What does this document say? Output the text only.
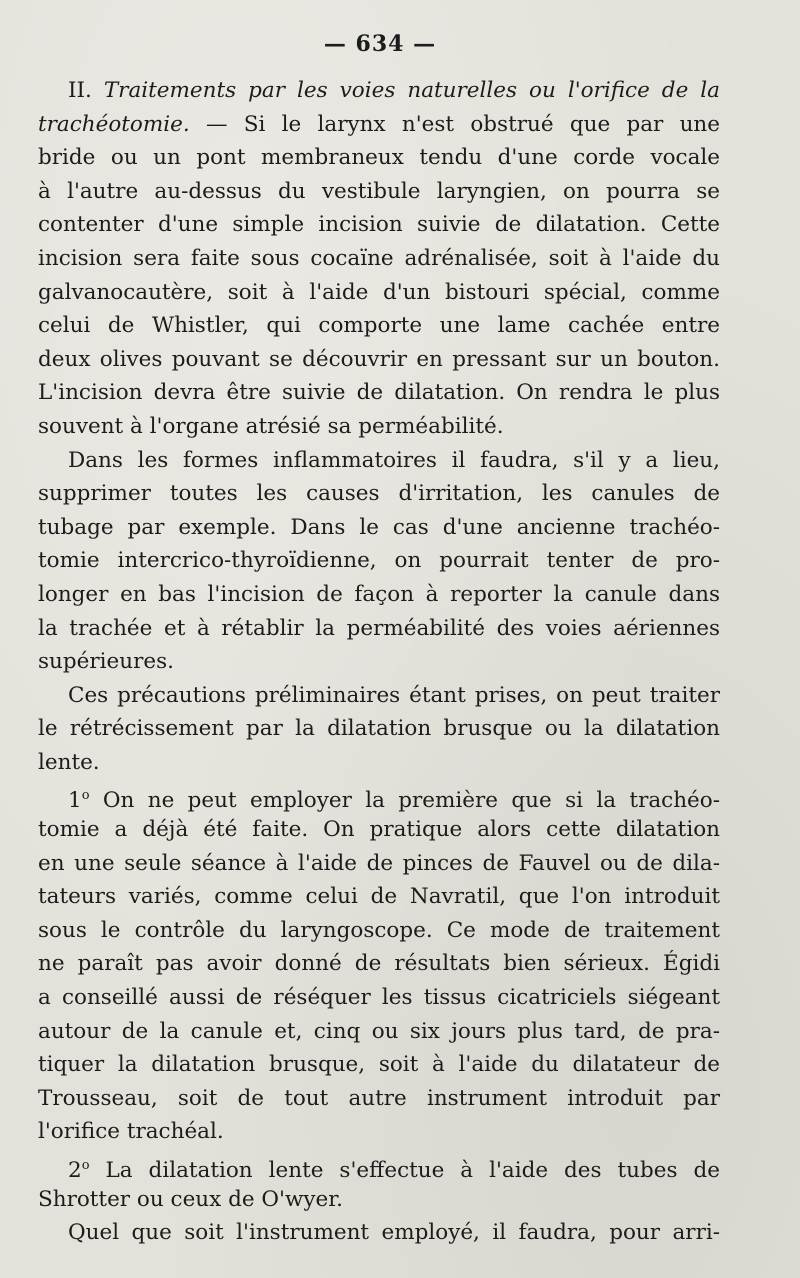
— 634 —
II. Traitements par les voies naturelles ou l'orifice de la
trachéotomie. — Si le larynx n'est obstrué que par une
bride ou un pont membraneux tendu d'une corde vocale
à l'autre au-dessus du vestibule laryngien, on pourra se
contenter d'une simple incision suivie de dilatation. Cette
incision sera faite sous cocaïne adrénalisée, soit à l'aide du
galvanocautère, soit à l'aide d'un bistouri spécial, comme
celui de Whistler, qui comporte une lame cachée entre
deux olives pouvant se découvrir en pressant sur un bouton.
L'incision devra être suivie de dilatation. On rendra le plus
souvent à l'organe atrésié sa perméabilité.
Dans les formes inflammatoires il faudra, s'il y a lieu,
supprimer toutes les causes d'irritation, les canules de
tubage par exemple. Dans le cas d'une ancienne trachéo-
tomie intercrico-thyroïdienne, on pourrait tenter de pro-
longer en bas l'incision de façon à reporter la canule dans
la trachée et à rétablir la perméabilité des voies aériennes
supérieures.
Ces précautions préliminaires étant prises, on peut traiter
le rétrécissement par la dilatation brusque ou la dilatation
lente.
1$^o$ On ne peut employer la première que si la trachéo-
tomie a déjà été faite. On pratique alors cette dilatation
en une seule séance à l'aide de pinces de Fauvel ou de dila-
tateurs variés, comme celui de Navratil, que l'on introduit
sous le contrôle du laryngoscope. Ce mode de traitement
ne paraît pas avoir donné de résultats bien sérieux. Égidi
a conseillé aussi de réséquer les tissus cicatriciels siégeant
autour de la canule et, cinq ou six jours plus tard, de pra-
tiquer la dilatation brusque, soit à l'aide du dilatateur de
Trousseau, soit de tout autre instrument introduit par
l'orifice trachéal.
2$^o$ La dilatation lente s'effectue à l'aide des tubes de
Shrotter ou ceux de O'wyer.
Quel que soit l'instrument employé, il faudra, pour arri-
